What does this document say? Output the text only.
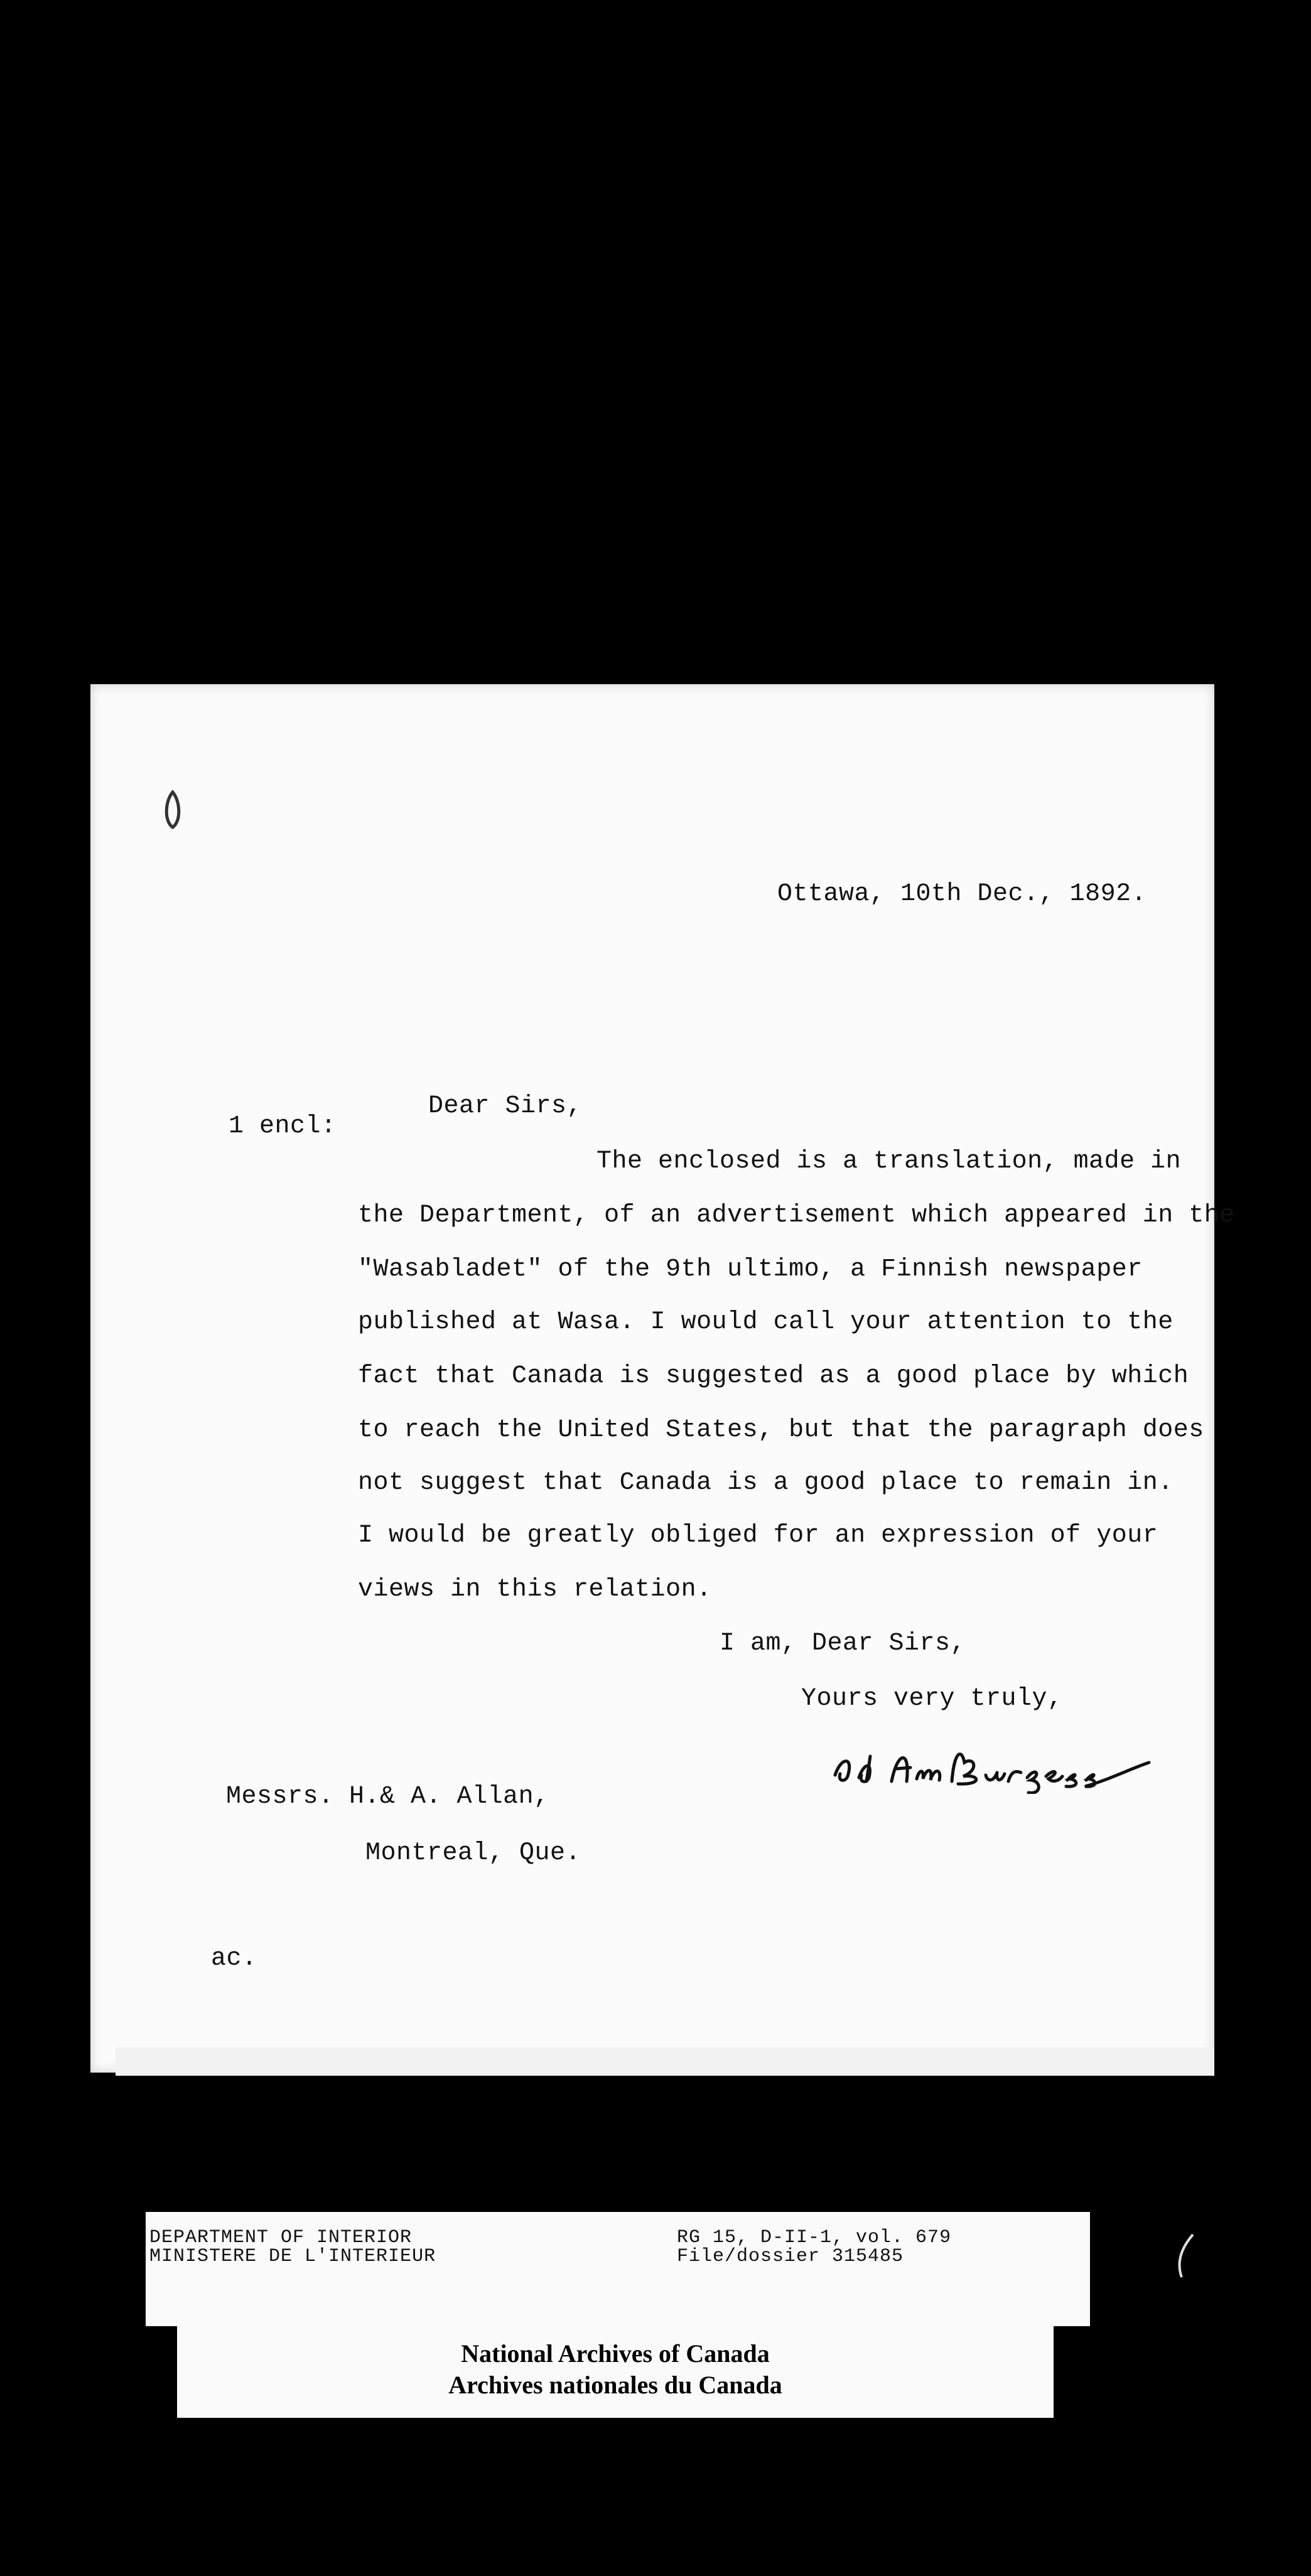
Ottawa, 10th Dec., 1892.
1 encl:
Dear Sirs,
The enclosed is a translation, made in
the Department, of an advertisement which appeared in the
"Wasabladet" of the 9th ultimo, a Finnish newspaper
published at Wasa. I would call your attention to the
fact that Canada is suggested as a good place by which
to reach the United States, but that the paragraph does
not suggest that Canada is a good place to remain in.
I would be greatly obliged for an expression of your
views in this relation.
I am, Dear Sirs,
Yours very truly,
Messrs. H.& A. Allan,
Montreal, Que.
ac.
DEPARTMENT OF INTERIOR
MINISTERE DE L'INTERIEUR
RG 15, D-II-1, vol. 679
File/dossier 315485
National Archives of Canada
Archives nationales du Canada
